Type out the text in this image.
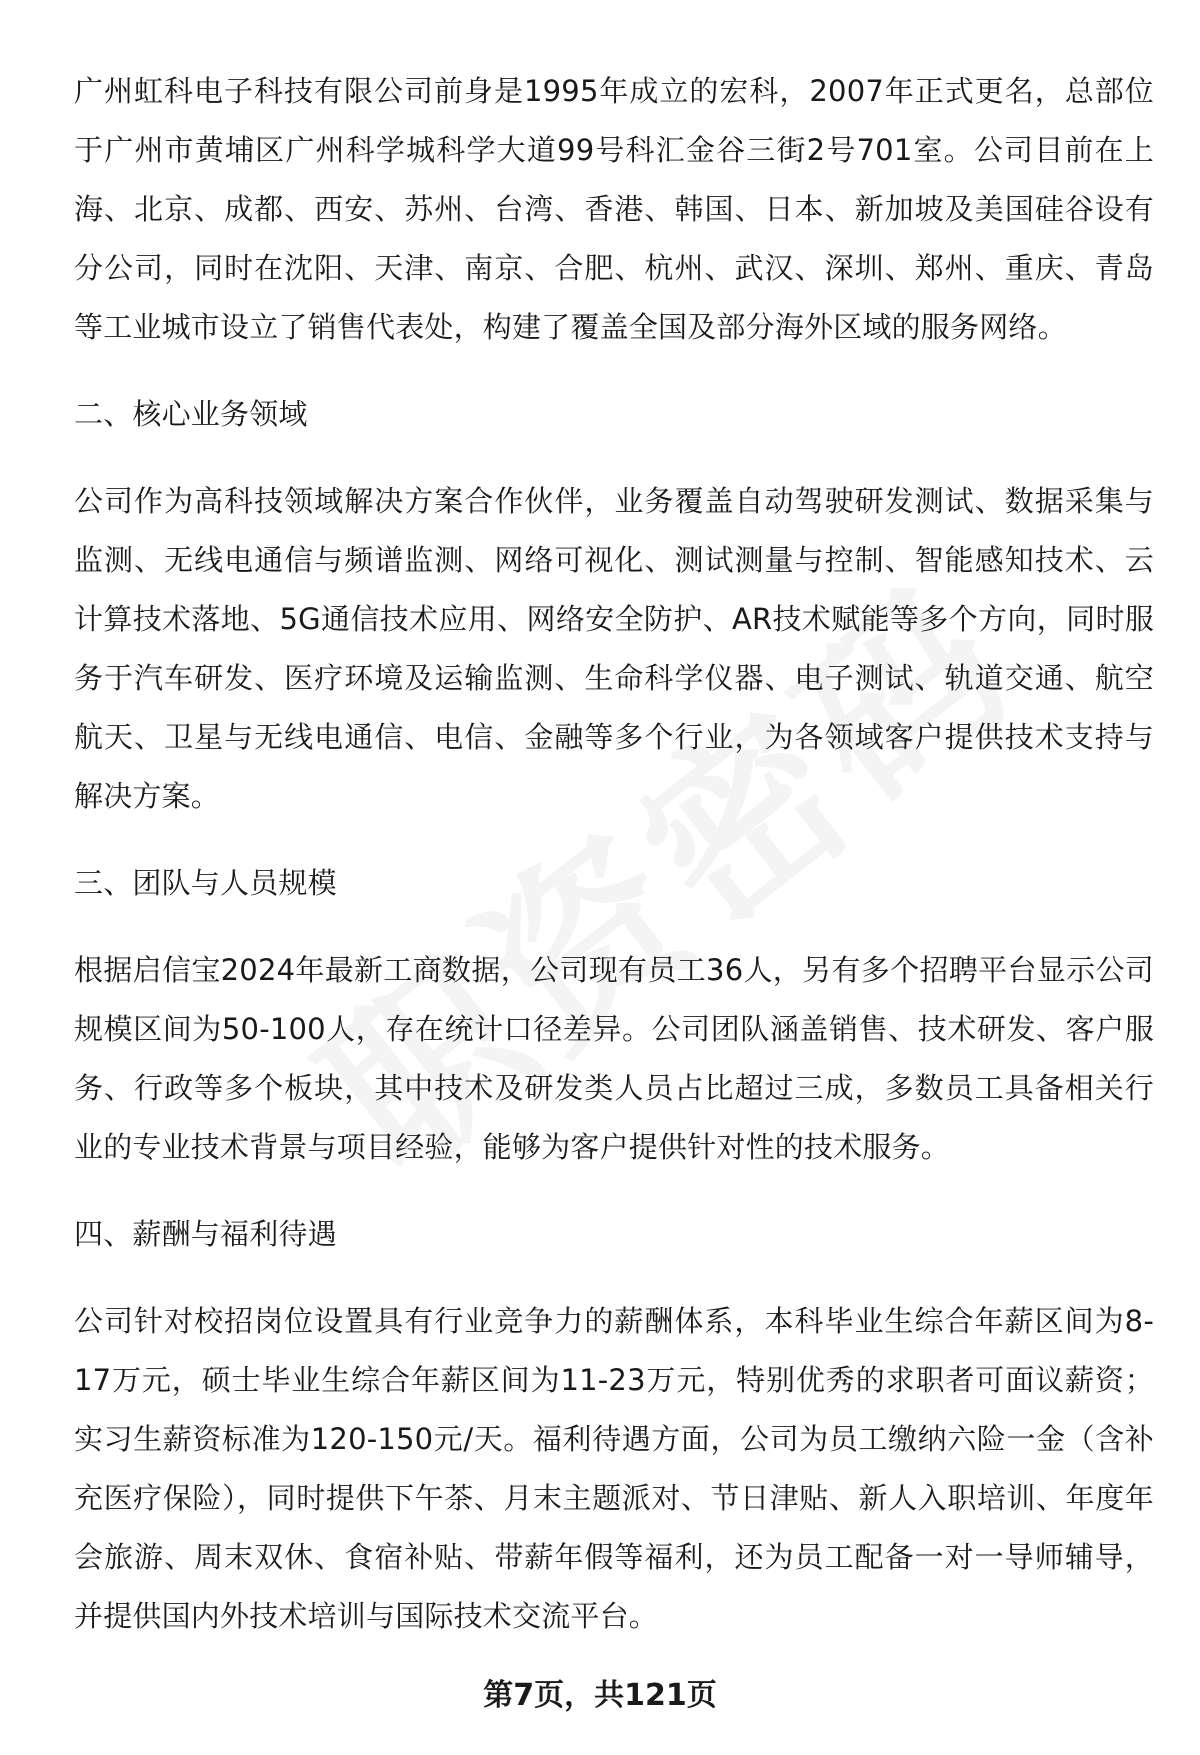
广州虹科电子科技有限公司前身是1995年成立的宏科，2007年正式更名，总部位于广州市黄埔区广州科学城科学大道99号科汇金谷三街2号701室。公司目前在上海、北京、成都、西安、苏州、台湾、香港、韩国、日本、新加坡及美国硅谷设有分公司，同时在沈阳、天津、南京、合肥、杭州、武汉、深圳、郑州、重庆、青岛等工业城市设立了销售代表处，构建了覆盖全国及部分海外区域的服务网络。

二、核心业务领域

公司作为高科技领域解决方案合作伙伴，业务覆盖自动驾驶研发测试、数据采集与监测、无线电通信与频谱监测、网络可视化、测试测量与控制、智能感知技术、云计算技术落地、5G通信技术应用、网络安全防护、AR技术赋能等多个方向，同时服务于汽车研发、医疗环境及运输监测、生命科学仪器、电子测试、轨道交通、航空航天、卫星与无线电通信、电信、金融等多个行业，为各领域客户提供技术支持与解决方案。

三、团队与人员规模

根据启信宝2024年最新工商数据，公司现有员工36人，另有多个招聘平台显示公司规模区间为50-100人，存在统计口径差异。公司团队涵盖销售、技术研发、客户服务、行政等多个板块，其中技术及研发类人员占比超过三成，多数员工具备相关行业的专业技术背景与项目经验，能够为客户提供针对性的技术服务。

四、薪酬与福利待遇

公司针对校招岗位设置具有行业竞争力的薪酬体系，本科毕业生综合年薪区间为8-17万元，硕士毕业生综合年薪区间为11-23万元，特别优秀的求职者可面议薪资；实习生薪资标准为120-150元/天。福利待遇方面，公司为员工缴纳六险一金（含补充医疗保险），同时提供下午茶、月末主题派对、节日津贴、新人入职培训、年度年会旅游、周末双休、食宿补贴、带薪年假等福利，还为员工配备一对一导师辅导，并提供国内外技术培训与国际技术交流平台。

第7页，共121页
